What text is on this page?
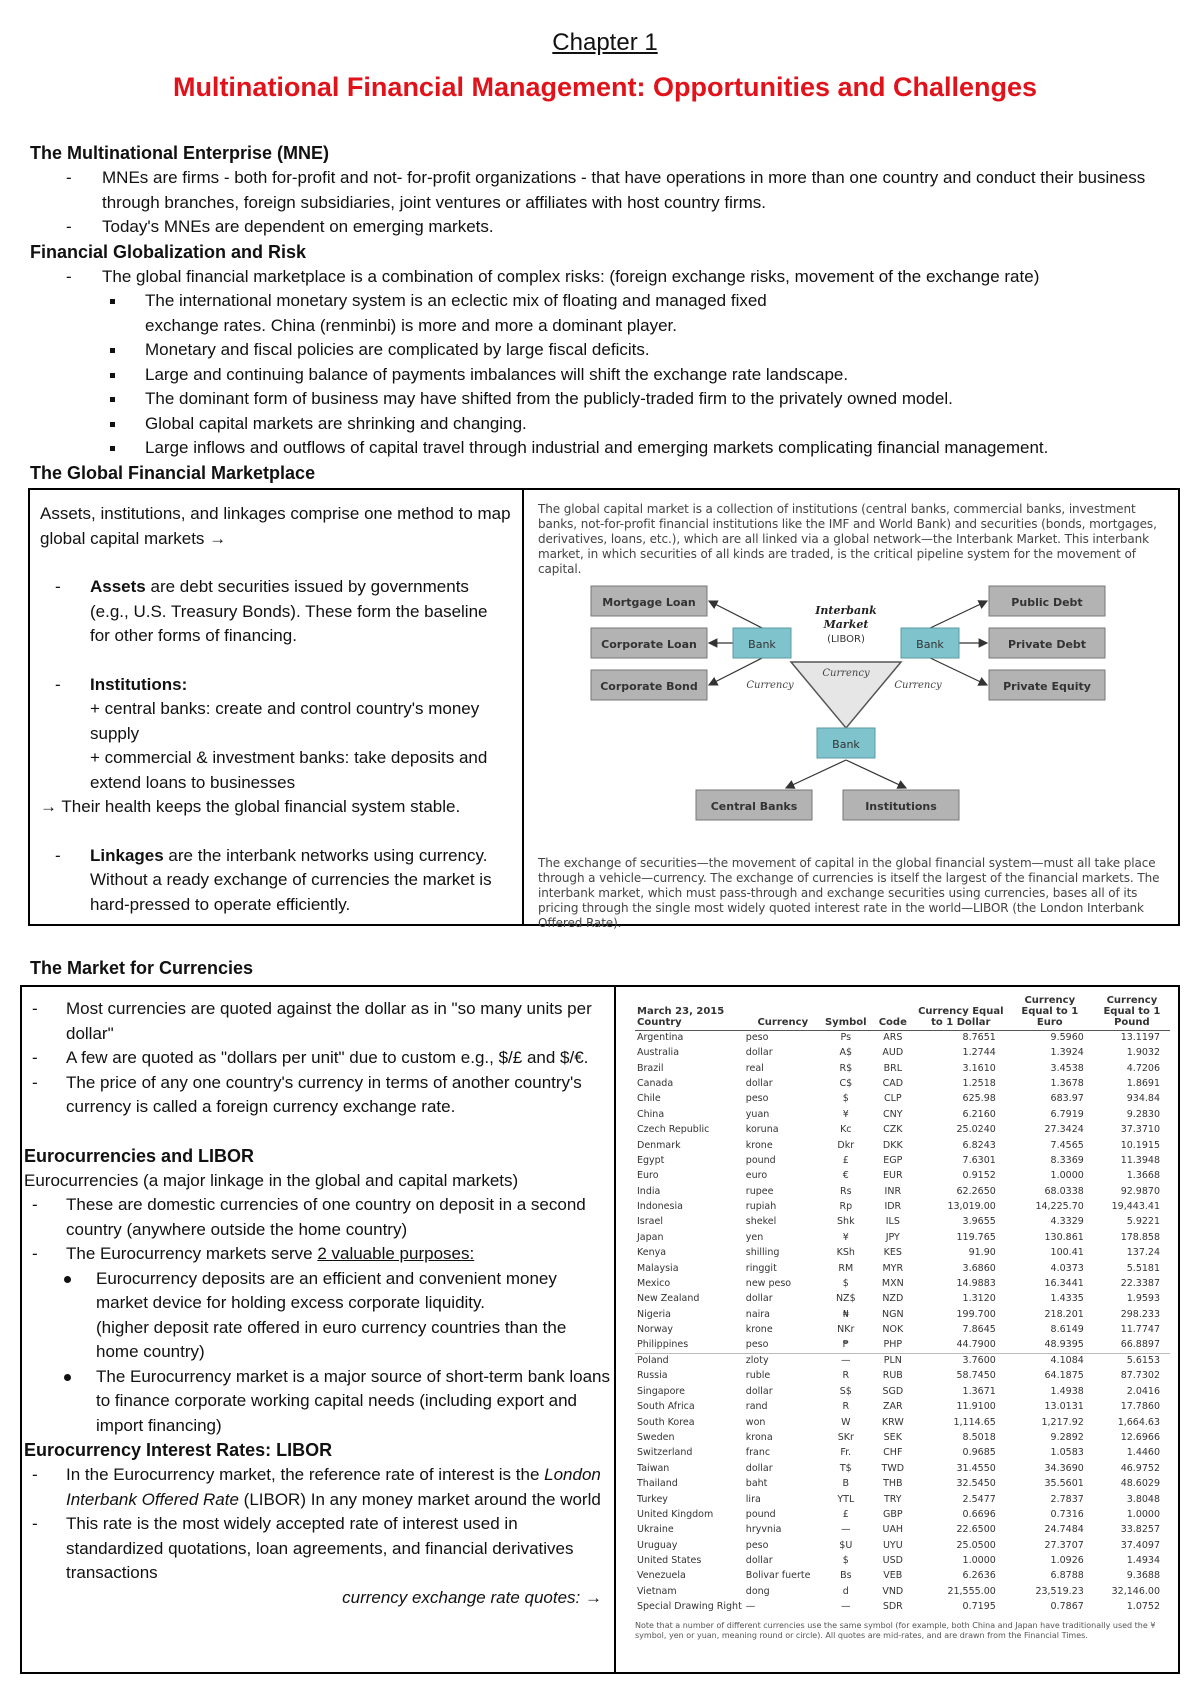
Chapter 1
Multinational Financial Management: Opportunities and Challenges
The Multinational Enterprise (MNE)
- MNEs are firms - both for-profit and not- for-profit organizations - that have operations in more than one country and conduct their business through branches, foreign subsidiaries, joint ventures or affiliates with host country firms.
- Today's MNEs are dependent on emerging markets.
Financial Globalization and Risk
- The global financial marketplace is a combination of complex risks: (foreign exchange risks, movement of the exchange rate)
The international monetary system is an eclectic mix of floating and managed fixed exchange rates. China (renminbi) is more and more a dominant player.
Monetary and fiscal policies are complicated by large fiscal deficits.
Large and continuing balance of payments imbalances will shift the exchange rate landscape.
The dominant form of business may have shifted from the publicly-traded firm to the privately owned model.
Global capital markets are shrinking and changing.
Large inflows and outflows of capital travel through industrial and emerging markets complicating financial management.
The Global Financial Marketplace
Assets, institutions, and linkages comprise one method to map global capital markets →
- Assets are debt securities issued by governments (e.g., U.S. Treasury Bonds). These form the baseline for other forms of financing.
- Institutions:
+ central banks: create and control country's money supply
+ commercial & investment banks: take deposits and extend loans to businesses
→ Their health keeps the global financial system stable.
- Linkages are the interbank networks using currency. Without a ready exchange of currencies the market is hard-pressed to operate efficiently.
The global capital market is a collection of institutions (central banks, commercial banks, investment banks, not-for-profit financial institutions like the IMF and World Bank) and securities (bonds, mortgages, derivatives, loans, etc.), which are all linked via a global network—the Interbank Market. This interbank market, in which securities of all kinds are traded, is the critical pipeline system for the movement of capital.
Mortgage Loan
Corporate Loan
Corporate Bond
Public Debt
Private Debt
Private Equity
Bank	Bank
Bank
Interbank
Market
(LIBOR)
Currency
Currency	Currency
Central Banks	Institutions
The exchange of securities—the movement of capital in the global financial system—must all take place through a vehicle—currency. The exchange of currencies is itself the largest of the financial markets. The interbank market, which must pass-through and exchange securities using currencies, bases all of its pricing through the single most widely quoted interest rate in the world—LIBOR (the London Interbank Offered Rate).
The Market for Currencies
- Most currencies are quoted against the dollar as in "so many units per dollar"
- A few are quoted as "dollars per unit" due to custom e.g., $/£ and $/€.
- The price of any one country's currency in terms of another country's currency is called a foreign currency exchange rate.
Eurocurrencies and LIBOR
Eurocurrencies (a major linkage in the global and capital markets)
- These are domestic currencies of one country on deposit in a second country (anywhere outside the home country)
- The Eurocurrency markets serve 2 valuable purposes:
Eurocurrency deposits are an efficient and convenient money market device for holding excess corporate liquidity.
(higher deposit rate offered in euro currency countries than the home country)
The Eurocurrency market is a major source of short-term bank loans to finance corporate working capital needs (including export and import financing)
Eurocurrency Interest Rates: LIBOR
- In the Eurocurrency market, the reference rate of interest is the London Interbank Offered Rate (LIBOR) In any money market around the world
- This rate is the most widely accepted rate of interest used in standardized quotations, loan agreements, and financial derivatives transactions
currency exchange rate quotes: →
March 23, 2015
Country	Currency	Symbol	Code	Currency Equal to 1 Dollar	Currency Equal to 1 Euro	Currency Equal to 1 Pound
Argentina	peso	Ps	ARS	8.7651	9.5960	13.1197
Australia	dollar	A$	AUD	1.2744	1.3924	1.9032
Brazil	real	R$	BRL	3.1610	3.4538	4.7206
Canada	dollar	C$	CAD	1.2518	1.3678	1.8691
Chile	peso	$	CLP	625.98	683.97	934.84
China	yuan	¥	CNY	6.2160	6.7919	9.2830
Czech Republic	koruna	Kc	CZK	25.0240	27.3424	37.3710
Denmark	krone	Dkr	DKK	6.8243	7.4565	10.1915
Egypt	pound	£	EGP	7.6301	8.3369	11.3948
Euro	euro	€	EUR	0.9152	1.0000	1.3668
India	rupee	Rs	INR	62.2650	68.0338	92.9870
Indonesia	rupiah	Rp	IDR	13,019.00	14,225.70	19,443.41
Israel	shekel	Shk	ILS	3.9655	4.3329	5.9221
Japan	yen	¥	JPY	119.765	130.861	178.858
Kenya	shilling	KSh	KES	91.90	100.41	137.24
Malaysia	ringgit	RM	MYR	3.6860	4.0373	5.5181
Mexico	new peso	$	MXN	14.9883	16.3441	22.3387
New Zealand	dollar	NZ$	NZD	1.3120	1.4335	1.9593
Nigeria	naira	₦	NGN	199.700	218.201	298.233
Norway	krone	NKr	NOK	7.8645	8.6149	11.7747
Philippines	peso	₱	PHP	44.7900	48.9395	66.8897
Poland	zloty	—	PLN	3.7600	4.1084	5.6153
Russia	ruble	R	RUB	58.7450	64.1875	87.7302
Singapore	dollar	S$	SGD	1.3671	1.4938	2.0416
South Africa	rand	R	ZAR	11.9100	13.0131	17.7860
South Korea	won	W	KRW	1,114.65	1,217.92	1,664.63
Sweden	krona	SKr	SEK	8.5018	9.2892	12.6966
Switzerland	franc	Fr.	CHF	0.9685	1.0583	1.4460
Taiwan	dollar	T$	TWD	31.4550	34.3690	46.9752
Thailand	baht	B	THB	32.5450	35.5601	48.6029
Turkey	lira	YTL	TRY	2.5477	2.7837	3.8048
United Kingdom	pound	£	GBP	0.6696	0.7316	1.0000
Ukraine	hryvnia	—	UAH	22.6500	24.7484	33.8257
Uruguay	peso	$U	UYU	25.0500	27.3707	37.4097
United States	dollar	$	USD	1.0000	1.0926	1.4934
Venezuela	Bolivar fuerte	Bs	VEB	6.2636	6.8788	9.3688
Vietnam	dong	d	VND	21,555.00	23,519.23	32,146.00
Special Drawing Right	—	—	SDR	0.7195	0.7867	1.0752
Note that a number of different currencies use the same symbol (for example, both China and Japan have traditionally used the ¥ symbol, yen or yuan, meaning round or circle). All quotes are mid-rates, and are drawn from the Financial Times.
